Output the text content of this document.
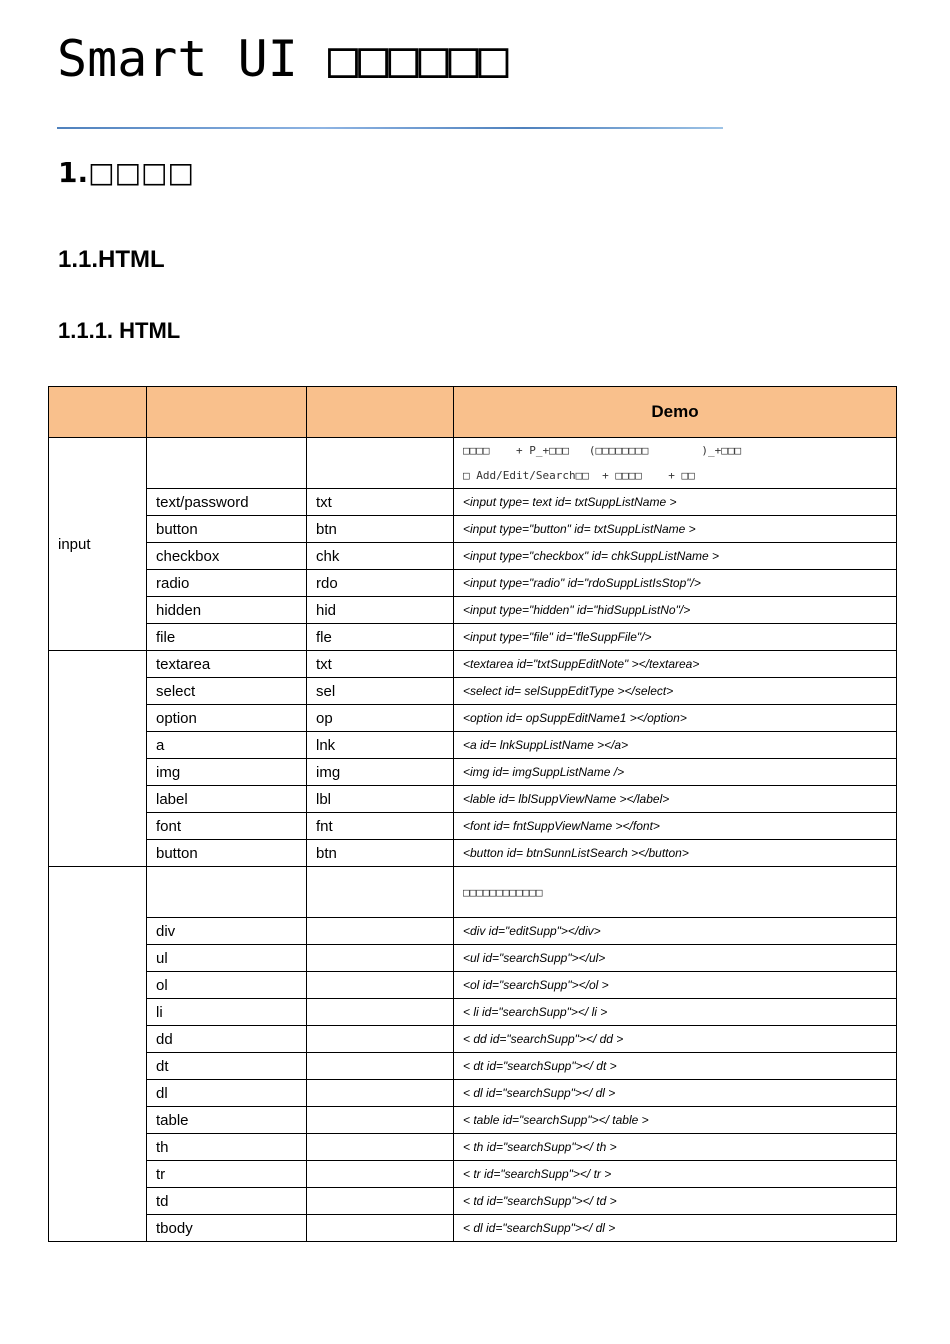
Smart UI □□□□□□
1.□□□□
1.1.HTML
1.1.1. HTML
			Demo
input			□□□□    + P_+□□□   (□□□□□□□□        )_+□□□
□ Add/Edit/Search□□  + □□□□    + □□
	text/password	txt	<input type= text id= txtSuppListName >
	button	btn	<input type="button" id= txtSuppListName >
	checkbox	chk	<input type="checkbox" id= chkSuppListName >
	radio	rdo	<input type="radio" id="rdoSuppListIsStop"/>
	hidden	hid	<input type="hidden" id="hidSuppListNo"/>
	file	fle	<input type="file" id="fleSuppFile"/>
	textarea	txt	<textarea id="txtSuppEditNote" ></textarea>
	select	sel	<select id= selSuppEditType ></select>
	option	op	<option id= opSuppEditName1 ></option>
	a	lnk	<a id= lnkSuppListName ></a>
	img	img	<img id= imgSuppListName />
	label	lbl	<lable id= lblSuppViewName ></label>
	font	fnt	<font id= fntSuppViewName ></font>
	button	btn	<button id= btnSunnListSearch ></button>
			□□□□□□□□□□□□
	div		<div id="editSupp"></div>
	ul		<ul id="searchSupp"></ul>
	ol		<ol id="searchSupp"></ol >
	li		< li id="searchSupp"></ li >
	dd		< dd id="searchSupp"></ dd >
	dt		< dt id="searchSupp"></ dt >
	dl		< dl id="searchSupp"></ dl >
	table		< table id="searchSupp"></ table >
	th		< th id="searchSupp"></ th >
	tr		< tr id="searchSupp"></ tr >
	td		< td id="searchSupp"></ td >
	tbody		< dl id="searchSupp"></ dl >
